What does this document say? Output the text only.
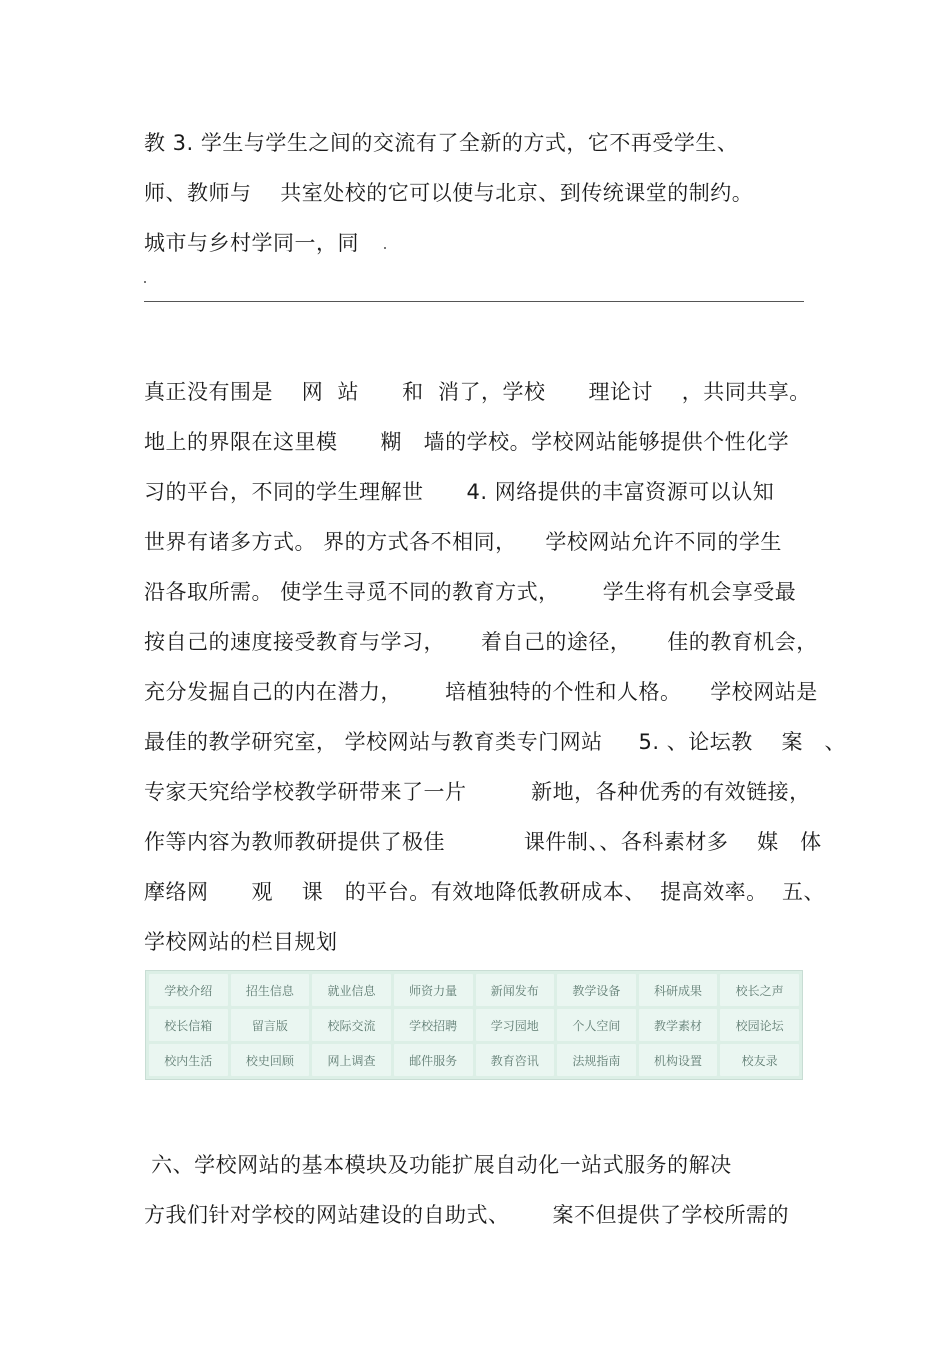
教 3. 学生与学生之间的交流有了全新的方式，它不再受学生、
师、教师与    共室处校的它可以使与北京、到传统课堂的制约。
城市与乡村学同一，同
真正没有围是    网  站      和  消了，学校      理论讨    ，共同共享。
地上的界限在这里模      糊   墙的学校。学校网站能够提供个性化学
习的平台，不同的学生理解世      4. 网络提供的丰富资源可以认知
世界有诸多方式。 界的方式各不相同，    学校网站允许不同的学生
沿各取所需。 使学生寻觅不同的教育方式，      学生将有机会享受最
按自己的速度接受教育与学习，     着自己的途径，     佳的教育机会，
充分发掘自己的内在潜力，      培植独特的个性和人格。    学校网站是
最佳的教学研究室， 学校网站与教育类专门网站     5. 、论坛教    案   、
专家天究给学校教学研带来了一片         新地，各种优秀的有效链接，
作等内容为教师教研提供了极佳           课件制、、各科素材多    媒   体
摩络网      观    课   的平台。有效地降低教研成本、  提高效率。  五、
学校网站的栏目规划
学校介绍	招生信息	就业信息	师资力量	新闻发布	教学设备	科研成果	校长之声
校长信箱	留言版	校际交流	学校招聘	学习园地	个人空间	教学素材	校园论坛
校内生活	校史回顾	网上调查	邮件服务	教育咨讯	法规指南	机构设置	校友录
六、学校网站的基本模块及功能扩展自动化一站式服务的解决
方我们针对学校的网站建设的自助式、      案不但提供了学校所需的
